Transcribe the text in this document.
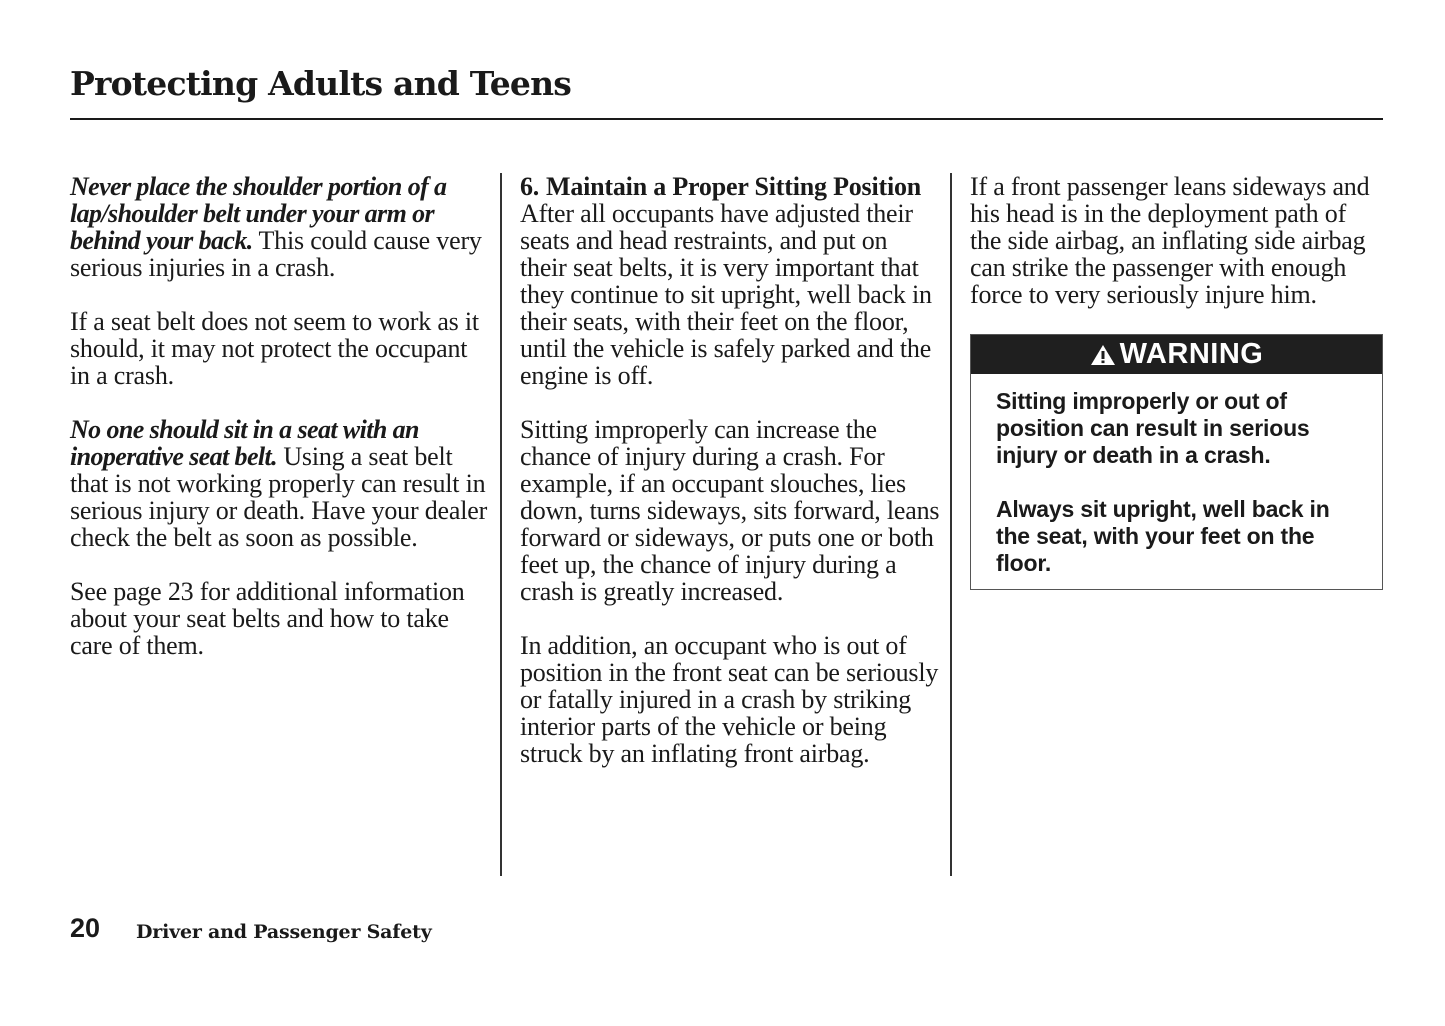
Protecting Adults and Teens

Never place the shoulder portion of a lap/shoulder belt under your arm or behind your back. This could cause very serious injuries in a crash.

If a seat belt does not seem to work as it should, it may not protect the occupant in a crash.

No one should sit in a seat with an inoperative seat belt. Using a seat belt that is not working properly can result in serious injury or death. Have your dealer check the belt as soon as possible.

See page 23 for additional information about your seat belts and how to take care of them.

6. Maintain a Proper Sitting Position

After all occupants have adjusted their seats and head restraints, and put on their seat belts, it is very important that they continue to sit upright, well back in their seats, with their feet on the floor, until the vehicle is safely parked and the engine is off.

Sitting improperly can increase the chance of injury during a crash. For example, if an occupant slouches, lies down, turns sideways, sits forward, leans forward or sideways, or puts one or both feet up, the chance of injury during a crash is greatly increased.

In addition, an occupant who is out of position in the front seat can be seriously or fatally injured in a crash by striking interior parts of the vehicle or being struck by an inflating front airbag.

If a front passenger leans sideways and his head is in the deployment path of the side airbag, an inflating side airbag can strike the passenger with enough force to very seriously injure him.

WARNING

Sitting improperly or out of position can result in serious injury or death in a crash.

Always sit upright, well back in the seat, with your feet on the floor.

20 Driver and Passenger Safety
